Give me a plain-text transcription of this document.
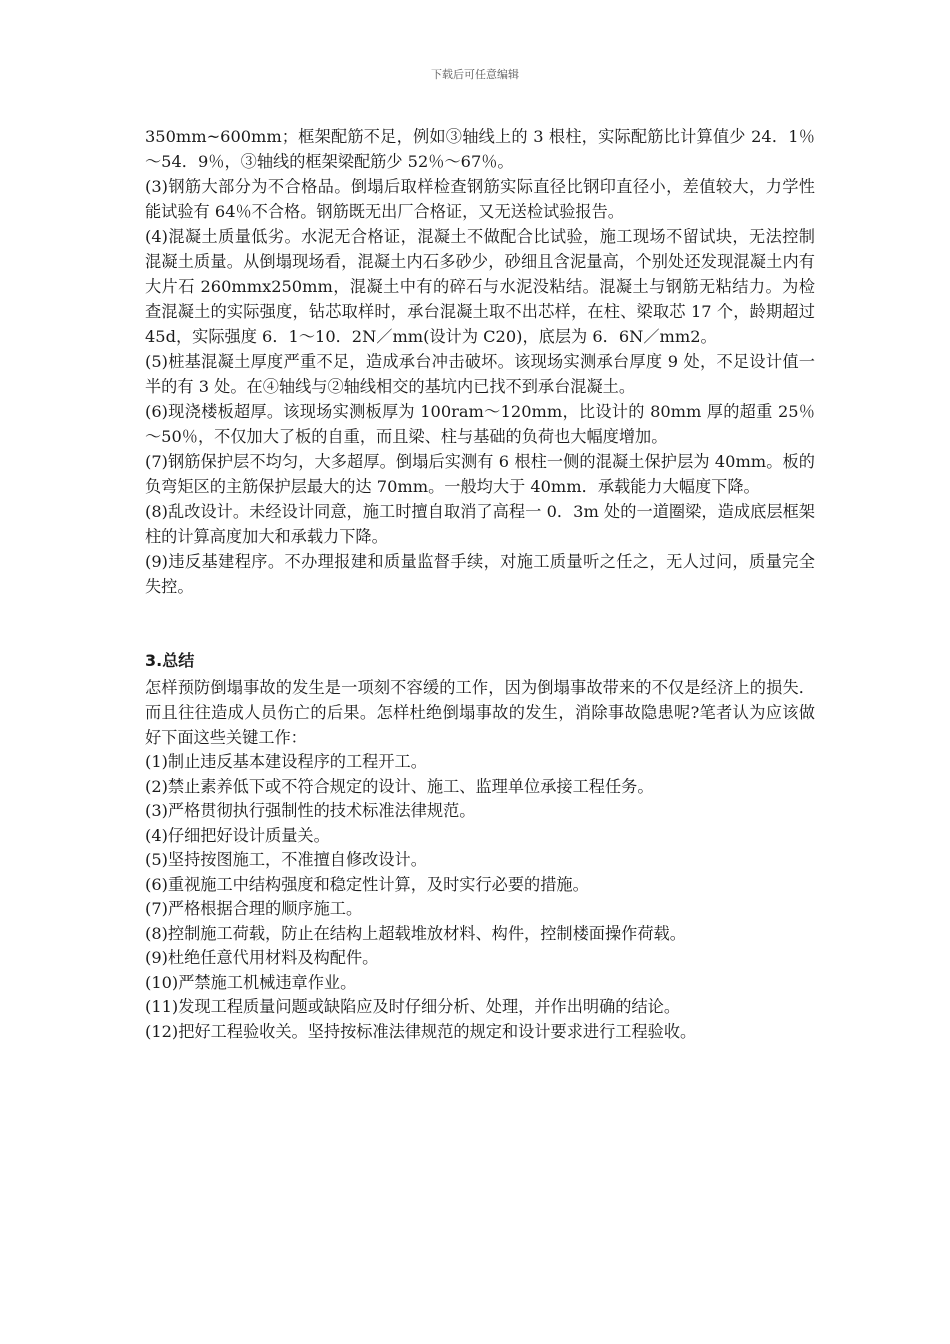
下载后可任意编辑

350mm~600mm；框架配筋不足，例如③轴线上的 3 根柱，实际配筋比计算值少 24．1％～54．9％，③轴线的框架梁配筋少 52％～67％。

(3)钢筋大部分为不合格品。倒塌后取样检查钢筋实际直径比钢印直径小，差值较大，力学性能试验有 64％不合格。钢筋既无出厂合格证，又无送检试验报告。

(4)混凝土质量低劣。水泥无合格证，混凝土不做配合比试验，施工现场不留试块，无法控制混凝土质量。从倒塌现场看，混凝土内石多砂少，砂细且含泥量高，个别处还发现混凝土内有大片石 260mmx250mm，混凝土中有的碎石与水泥没粘结。混凝土与钢筋无粘结力。为检查混凝土的实际强度，钻芯取样时，承台混凝土取不出芯样，在柱、梁取芯 17 个，龄期超过 45d，实际强度 6．1～10．2N／mm(设计为 C20)，底层为 6．6N／mm2。

(5)桩基混凝土厚度严重不足，造成承台冲击破坏。该现场实测承台厚度 9 处，不足设计值一半的有 3 处。在④轴线与②轴线相交的基坑内已找不到承台混凝土。

(6)现浇楼板超厚。该现场实测板厚为 100ram～120mm，比设计的 80mm 厚的超重 25％～50％，不仅加大了板的自重，而且梁、柱与基础的负荷也大幅度增加。

(7)钢筋保护层不均匀，大多超厚。倒塌后实测有 6 根柱一侧的混凝土保护层为 40mm。板的负弯矩区的主筋保护层最大的达 70mm。一般均大于 40mm．承载能力大幅度下降。

(8)乱改设计。未经设计同意，施工时擅自取消了高程一 0．3m 处的一道圈梁，造成底层框架柱的计算高度加大和承载力下降。

(9)违反基建程序。不办理报建和质量监督手续，对施工质量听之任之，无人过问，质量完全失控。

3.总结

怎样预防倒塌事故的发生是一项刻不容缓的工作，因为倒塌事故带来的不仅是经济上的损失．而且往往造成人员伤亡的后果。怎样杜绝倒塌事故的发生，消除事故隐患呢?笔者认为应该做好下面这些关键工作：

(1)制止违反基本建设程序的工程开工。

(2)禁止素养低下或不符合规定的设计、施工、监理单位承接工程任务。

(3)严格贯彻执行强制性的技术标准法律规范。

(4)仔细把好设计质量关。

(5)坚持按图施工，不准擅自修改设计。

(6)重视施工中结构强度和稳定性计算，及时实行必要的措施。

(7)严格根据合理的顺序施工。

(8)控制施工荷载，防止在结构上超载堆放材料、构件，控制楼面操作荷载。

(9)杜绝任意代用材料及构配件。

(10)严禁施工机械违章作业。

(11)发现工程质量问题或缺陷应及时仔细分析、处理，并作出明确的结论。

(12)把好工程验收关。坚持按标准法律规范的规定和设计要求进行工程验收。
